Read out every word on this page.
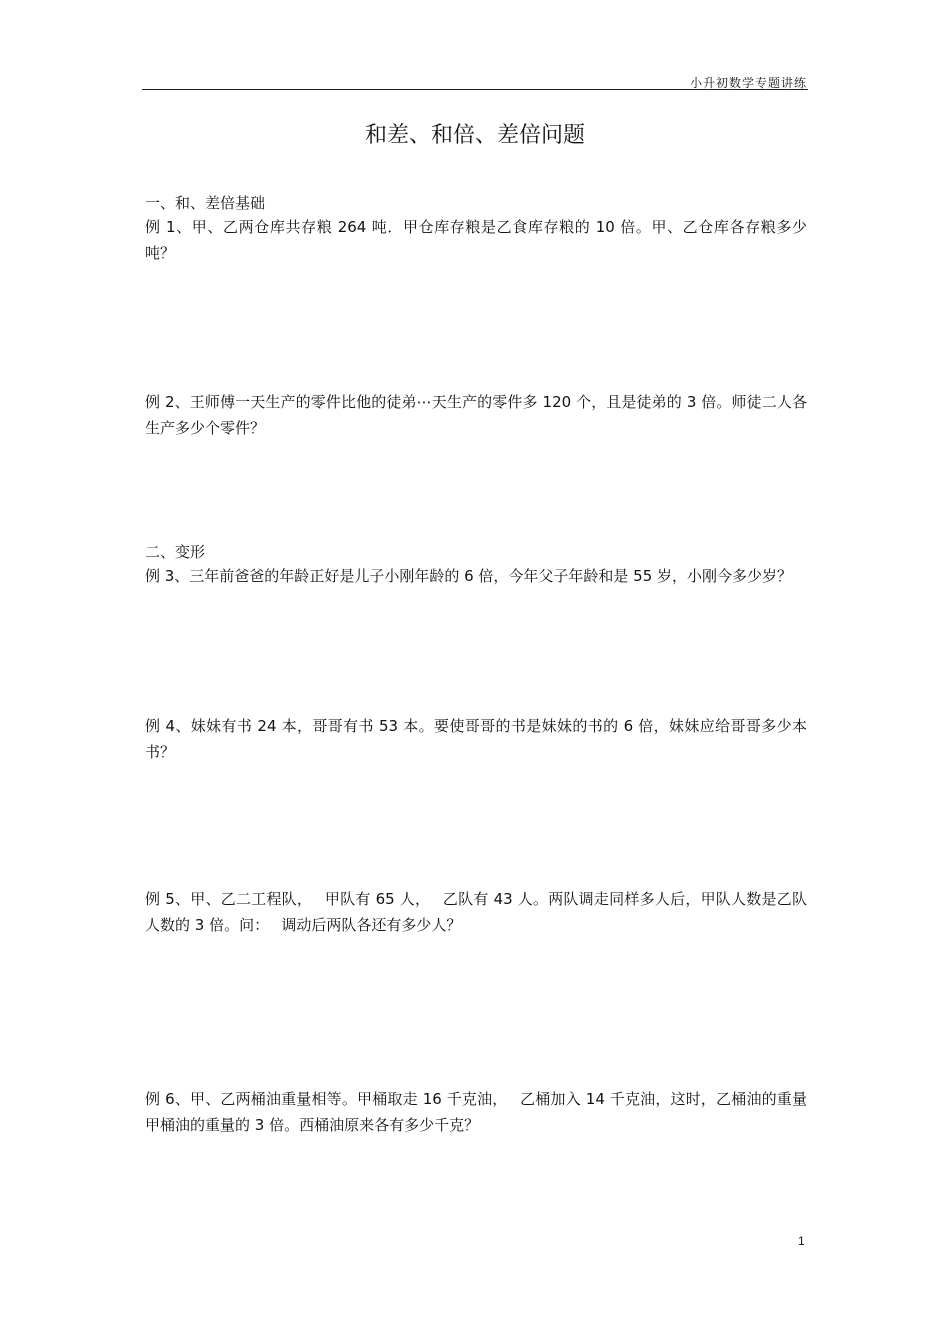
小升初数学专题讲练
和差、和倍、差倍问题
一、和、差倍基础
例 1、甲、乙两仓库共存粮 264 吨．甲仓库存粮是乙食库存粮的 10 倍。甲、乙仓库各存粮多少吨？
例 2、王师傅一天生产的零件比他的徒弟⋯天生产的零件多 120 个，且是徒弟的 3 倍。师徒二人各生产多少个零件？
二、变形
例 3、三年前爸爸的年龄正好是儿子小刚年龄的 6 倍，今年父子年龄和是 55 岁，小刚今多少岁？
例 4、妹妹有书 24 本，哥哥有书 53 本。要使哥哥的书是妹妹的书的 6 倍，妹妹应给哥哥多少本书？
例 5、甲、乙二工程队，　 甲队有 65 人，　 乙队有 43 人。两队调走同样多人后，甲队人数是乙队人数的 3 倍。问：　 调动后两队各还有多少人？
例 6、甲、乙两桶油重量相等。甲桶取走 16 千克油，　 乙桶加入 14 千克油，这时，乙桶油的重量甲桶油的重量的 3 倍。西桶油原来各有多少千克？
1
